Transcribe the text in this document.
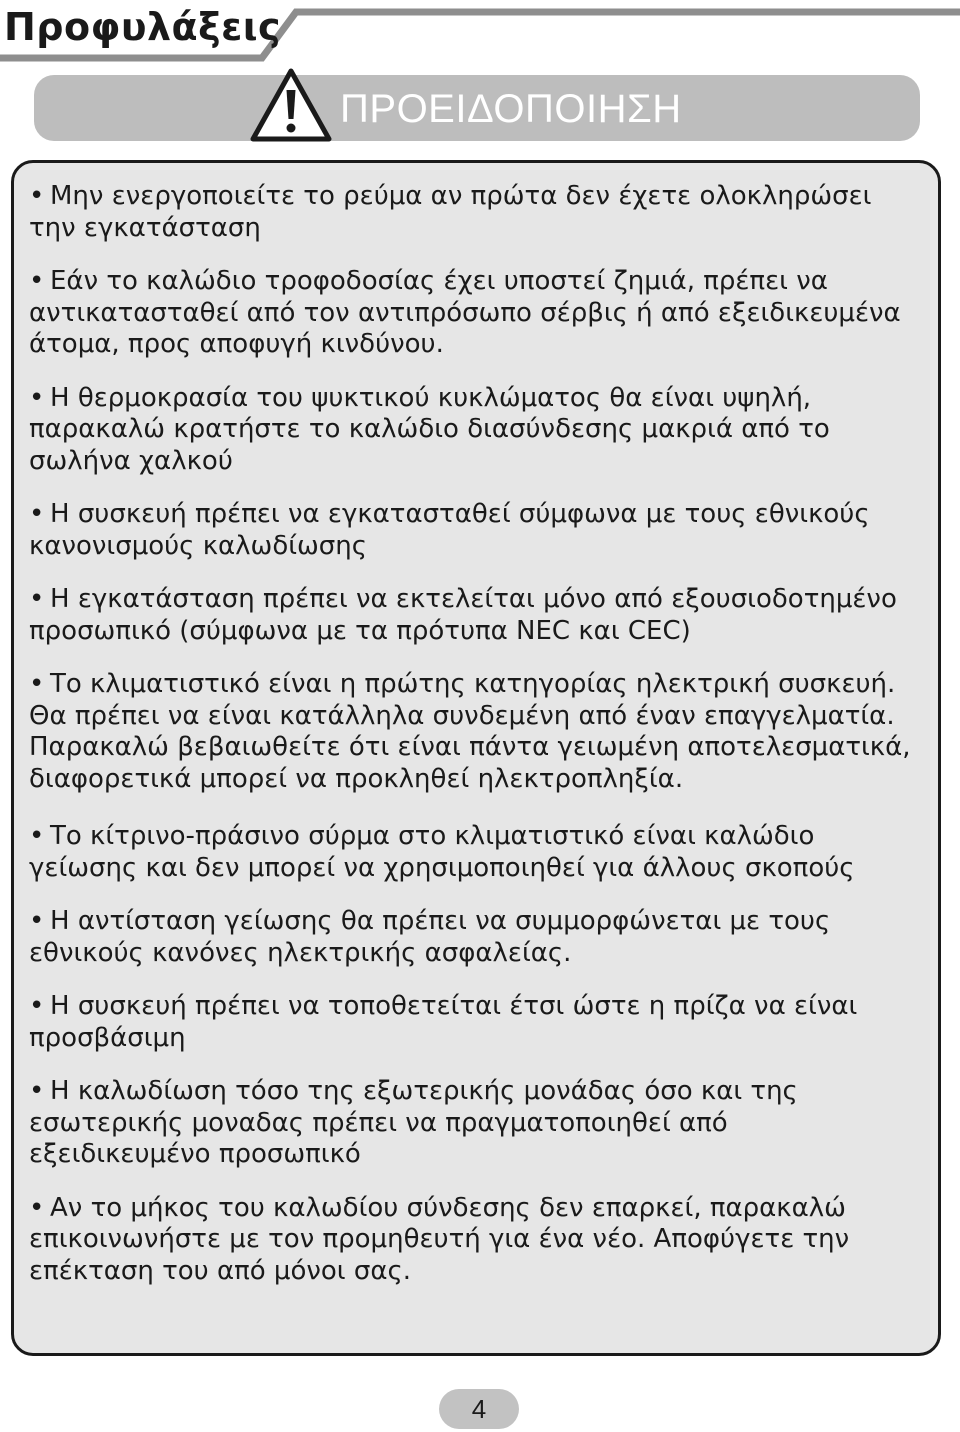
Προφυλάξεις
ΠΡΟΕΙΔΟΠΟΙΗΣΗ
• Μην ενεργοποιείτε το ρεύμα αν πρώτα δεν έχετε ολοκληρώσει την εγκατάσταση
• Εάν το καλώδιο τροφοδοσίας έχει υποστεί ζημιά, πρέπει να αντικατασταθεί από τον αντιπρόσωπο σέρβις ή από εξειδικευμένα άτομα, προς αποφυγή κινδύνου.
• Η θερμοκρασία του ψυκτικού κυκλώματος θα είναι υψηλή, παρακαλώ κρατήστε το καλώδιο διασύνδεσης μακριά από το σωλήνα χαλκού
• Η συσκευή πρέπει να εγκατασταθεί σύμφωνα με τους εθνικούς κανονισμούς καλωδίωσης
• Η εγκατάσταση πρέπει να εκτελείται μόνο από εξουσιοδοτημένο προσωπικό (σύμφωνα με τα πρότυπα NEC και CEC)
• Το κλιματιστικό είναι η πρώτης κατηγορίας ηλεκτρική συσκευή. Θα πρέπει να είναι κατάλληλα συνδεμένη από έναν επαγγελματία. Παρακαλώ βεβαιωθείτε ότι είναι πάντα γειωμένη αποτελεσματικά, διαφορετικά μπορεί να προκληθεί ηλεκτροπληξία.
• Το κίτρινο-πράσινο σύρμα στο κλιματιστικό είναι καλώδιο γείωσης και δεν μπορεί να χρησιμοποιηθεί για άλλους σκοπούς
• Η αντίσταση γείωσης θα πρέπει να συμμορφώνεται με τους εθνικούς κανόνες ηλεκτρικής ασφαλείας.
• Η συσκευή πρέπει να τοποθετείται έτσι ώστε η πρίζα να είναι προσβάσιμη
• Η καλωδίωση τόσο της εξωτερικής μονάδας όσο και της εσωτερικής μοναδας πρέπει να πραγματοποιηθεί από εξειδικευμένο προσωπικό
• Αν το μήκος του καλωδίου σύνδεσης δεν επαρκεί, παρακαλώ επικοινωνήστε με τον προμηθευτή για ένα νέο. Αποφύγετε την επέκταση του από μόνοι σας.
4
